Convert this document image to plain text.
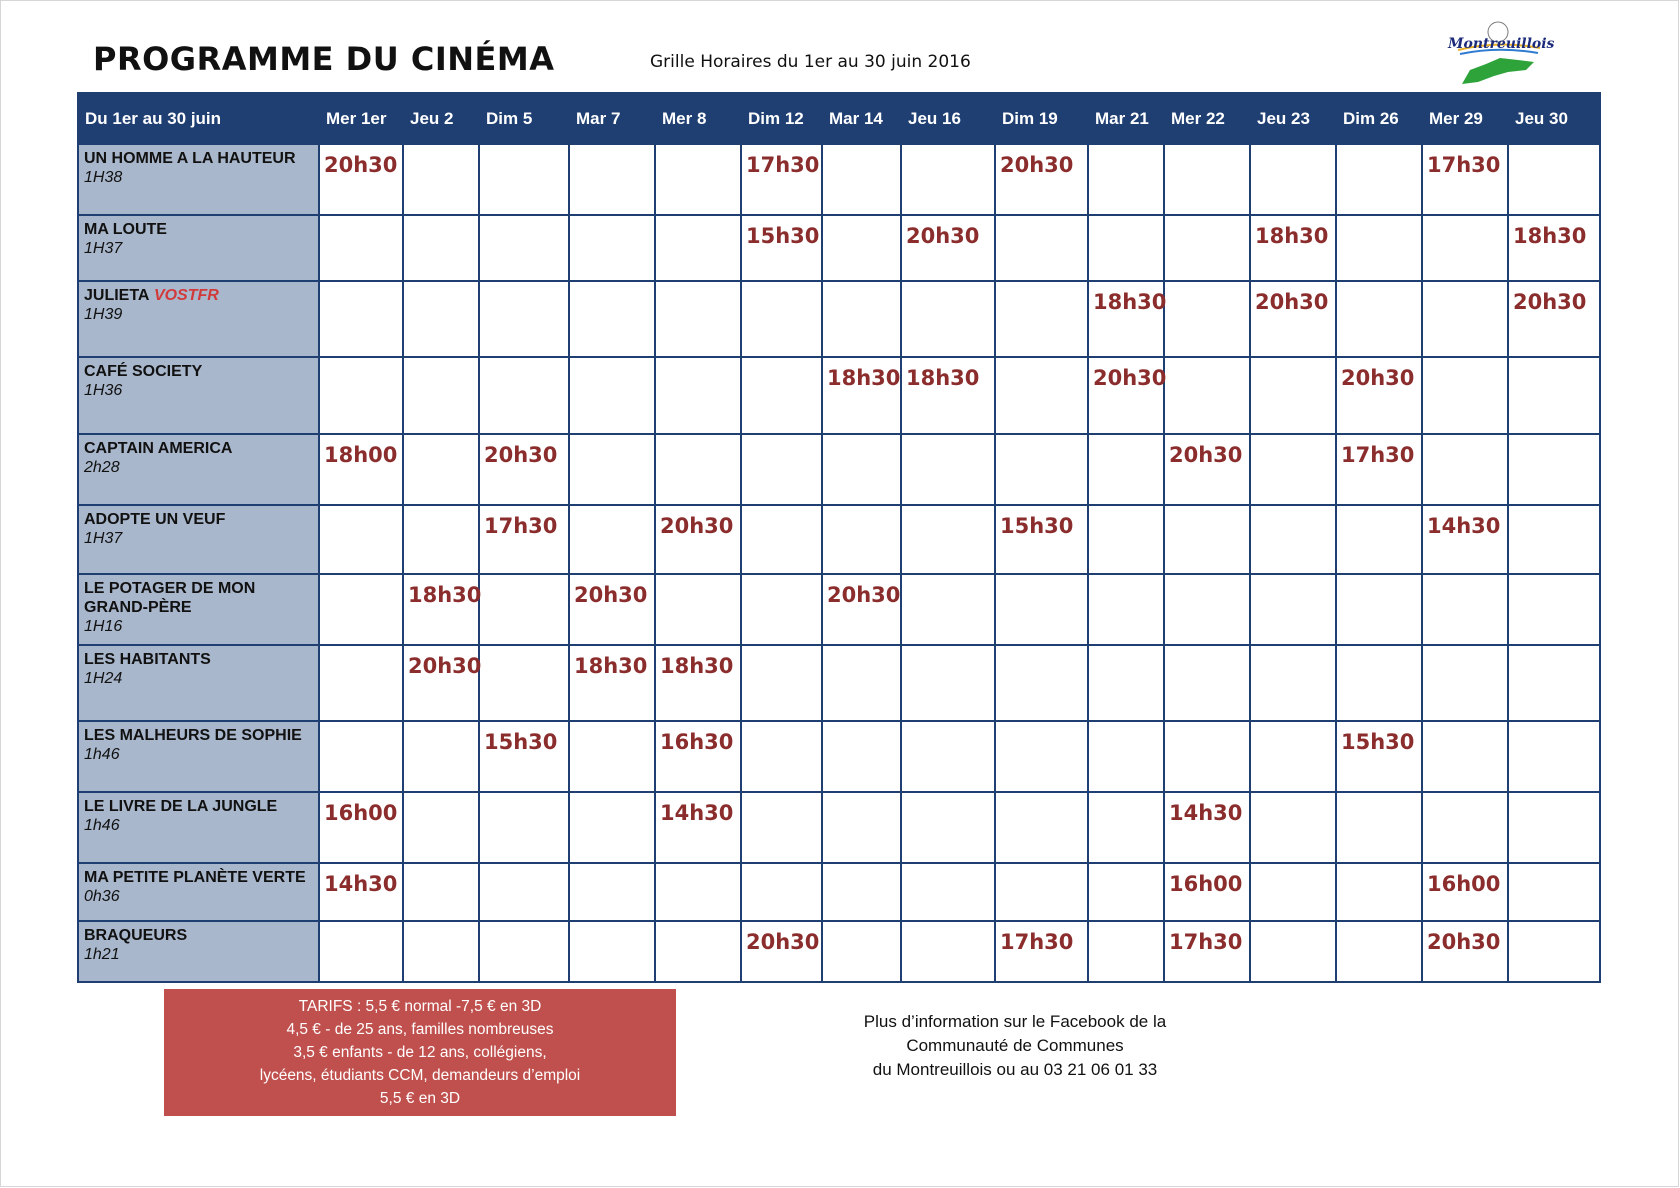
PROGRAMME DU CINÉMA	Grille Horaires du 1er au 30 juin 2016
Montreuillois
Du 1er au 30 juin	Mer 1er	Jeu 2	Dim 5	Mar 7	Mer 8	Dim 12	Mar 14	Jeu 16	Dim 19	Mar 21	Mer 22	Jeu 23	Dim 26	Mer 29	Jeu 30

UN HOMME A LA HAUTEUR
1H38	20h30					17h30			20h30					17h30	

MA LOUTE
1H37						15h30		20h30				18h30			18h30
JULIETA VOSTFR
1H39										18h30		20h30			20h30

CAFÉ SOCIETY
1H36							18h30	18h30		20h30			20h30		

CAPTAIN AMERICA
2h28	18h00		20h30								20h30		17h30		

ADOPTE UN VEUF
1H37			17h30		20h30				15h30					14h30	

LE POTAGER DE MON GRAND-PÈRE
1H16		18h30		20h30			20h30								

LES HABITANTS
1H24		20h30		18h30	18h30										

LES MALHEURS DE SOPHIE
1h46			15h30		16h30								15h30		

LE LIVRE DE LA JUNGLE
1h46	16h00				14h30						14h30				

MA PETITE PLANÈTE VERTE
0h36	14h30										16h00			16h00	

BRAQUEURS
1h21						20h30			17h30		17h30			20h30	
TARIFS : 5,5 € normal -7,5 € en 3D
4,5 € - de 25 ans, familles nombreuses
3,5 € enfants - de 12 ans, collégiens,
lycéens, étudiants CCM, demandeurs d’emploi
5,5 € en 3D
Plus d’information sur le Facebook de la
Communauté de Communes
du Montreuillois ou au 03 21 06 01 33
